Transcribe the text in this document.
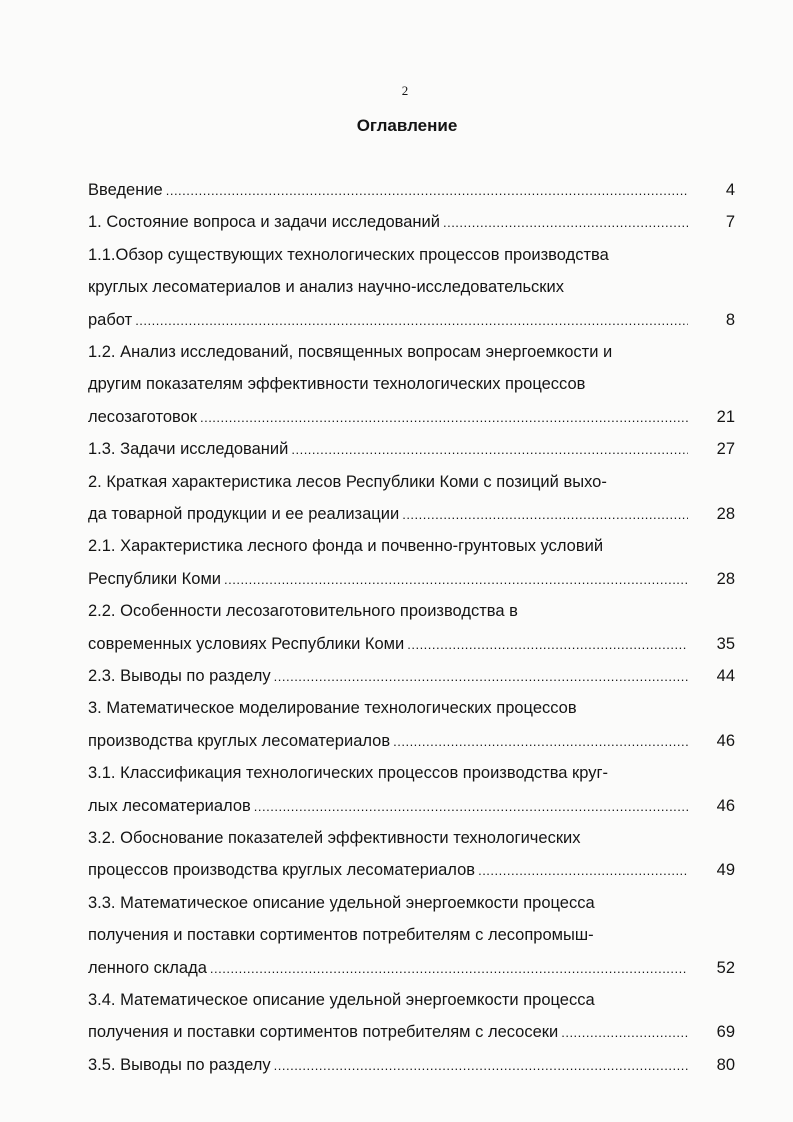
2
Оглавление
Введение .....	4
1. Состояние вопроса и задачи исследований .....	7
1.1.Обзор существующих технологических процессов производства
круглых лесоматериалов и анализ научно-исследовательских
работ .....	8
1.2. Анализ исследований, посвященных вопросам энергоемкости и
другим показателям эффективности технологических процессов
лесозаготовок .....	21
1.3. Задачи исследований .....	27
2. Краткая характеристика лесов Республики Коми с позиций выхо-
да товарной продукции и ее реализации .....	28
2.1. Характеристика лесного фонда и почвенно-грунтовых условий
Республики Коми .....	28
2.2. Особенности лесозаготовительного производства в
современных условиях Республики Коми .....	35
2.3. Выводы по разделу .....	44
3. Математическое моделирование технологических процессов
производства круглых лесоматериалов .....	46
3.1. Классификация технологических процессов производства круг-
лых лесоматериалов .....	46
3.2. Обоснование показателей эффективности технологических
процессов производства круглых лесоматериалов .....	49
3.3. Математическое описание удельной энергоемкости процесса
получения и поставки сортиментов потребителям с лесопромыш-
ленного склада .....	52
3.4. Математическое описание удельной энергоемкости процесса
получения и поставки сортиментов потребителям с лесосеки .....	69
3.5. Выводы по разделу .....	80
